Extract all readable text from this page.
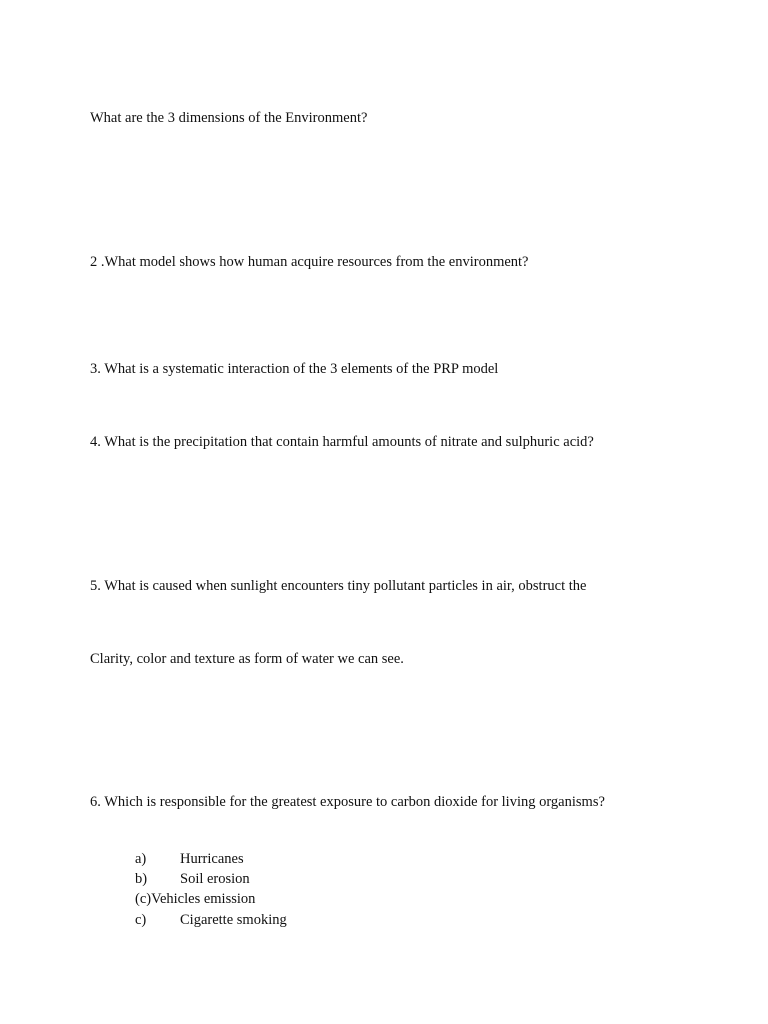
What are the 3 dimensions of the Environment?
2 .What model shows how human acquire resources from the environment?
3. What is a systematic interaction of the 3 elements of the PRP model
4. What is the precipitation that contain harmful amounts of nitrate and sulphuric acid?
5. What is caused when sunlight encounters tiny pollutant particles in air, obstruct the
Clarity, color and texture as form of water we can see.
6. Which is responsible for the greatest exposure to carbon dioxide for living organisms?
a) Hurricanes
b) Soil erosion
(c)Vehicles emission
c) Cigarette smoking
